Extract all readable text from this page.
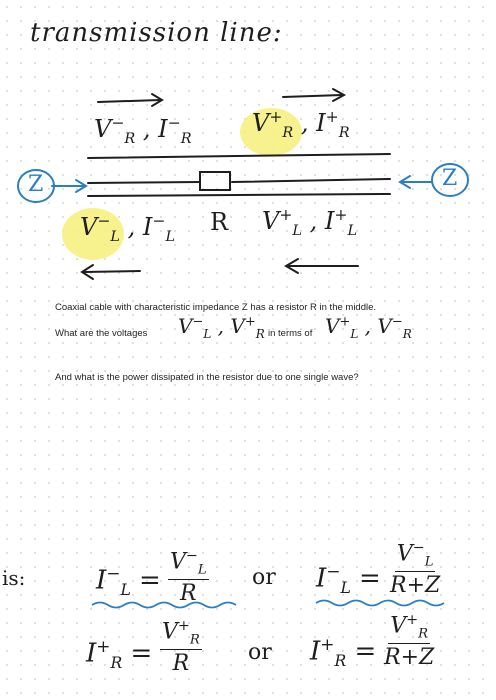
transmission line:
Z	Z
$V^-_R$ , $I^-_R$
$V^+_R$ , $I^+_R$
$V^-_L$ , $I^-_L$
R $V^+_L$ , $I^+_L$
Coaxial cable with characteristic impedance Z has a resistor R in the middle.
What are the voltages $V^-_L$ , $V^+_R$ in terms of $V^+_L$ , $V^-_R$
And what is the power dissipated in the resistor due to one single wave?
is:	$I^-_L = \frac{V^-_L}{R}$ or $I^-_L = \frac{V^-_L}{R+Z}$
$I^+_R = \frac{V^+_R}{R}$ or $I^+_R = \frac{V^+_R}{R+Z}$
